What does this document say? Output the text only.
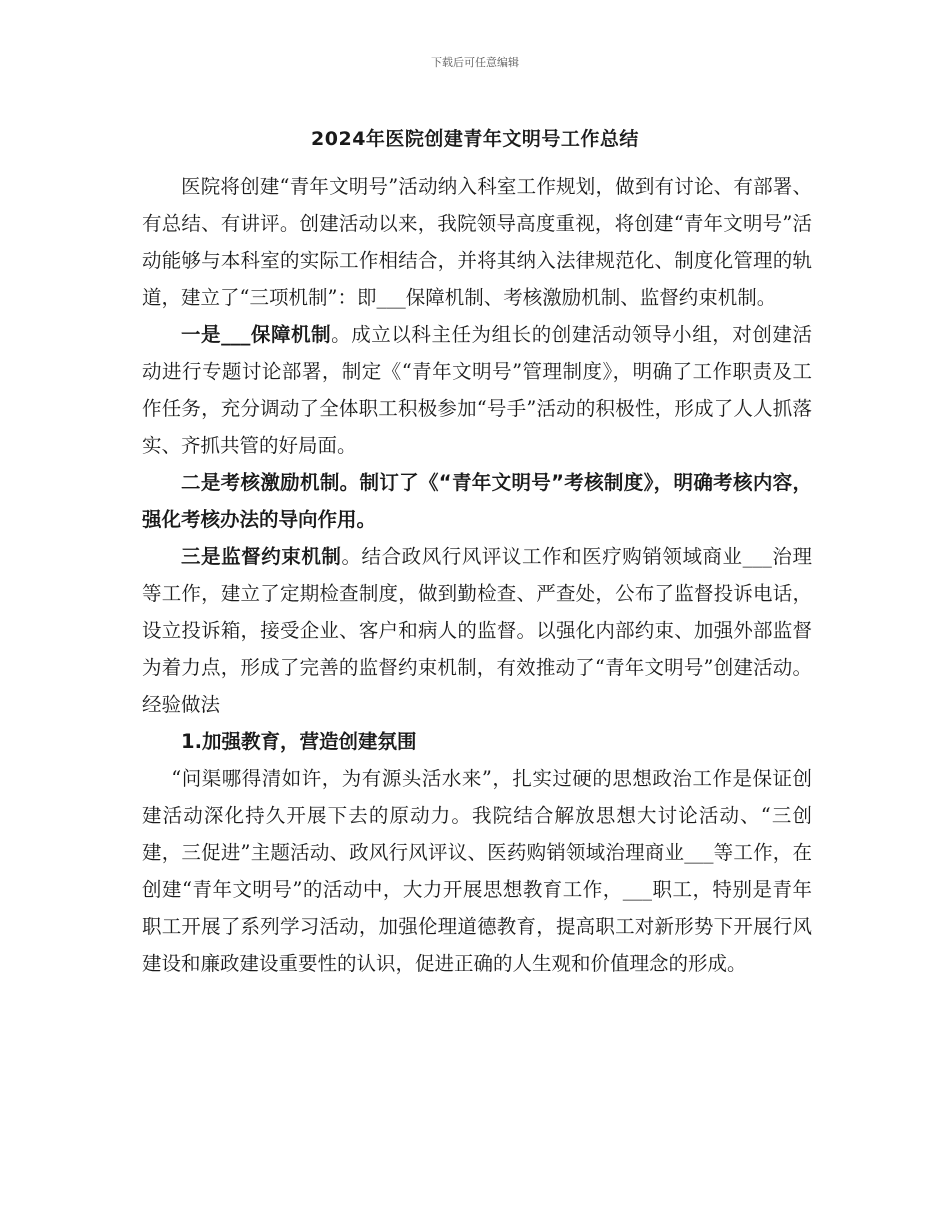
下载后可任意编辑
2024年医院创建青年文明号工作总结

医院将创建“青年文明号”活动纳入科室工作规划，做到有讨论、有部署、有总结、有讲评。创建活动以来，我院领导高度重视，将创建“青年文明号”活动能够与本科室的实际工作相结合，并将其纳入法律规范化、制度化管理的轨道，建立了“三项机制”：即___保障机制、考核激励机制、监督约束机制。

一是___保障机制。成立以科主任为组长的创建活动领导小组，对创建活动进行专题讨论部署，制定《“青年文明号”管理制度》，明确了工作职责及工作任务，充分调动了全体职工积极参加“号手”活动的积极性，形成了人人抓落实、齐抓共管的好局面。

二是考核激励机制。制订了《“青年文明号”考核制度》，明确考核内容，强化考核办法的导向作用。

三是监督约束机制。结合政风行风评议工作和医疗购销领域商业___治理等工作，建立了定期检查制度，做到勤检查、严查处，公布了监督投诉电话，设立投诉箱，接受企业、客户和病人的监督。以强化内部约束、加强外部监督为着力点，形成了完善的监督约束机制，有效推动了“青年文明号”创建活动。经验做法

1.加强教育，营造创建氛围

“问渠哪得清如许，为有源头活水来”，扎实过硬的思想政治工作是保证创建活动深化持久开展下去的原动力。我院结合解放思想大讨论活动、“三创建，三促进”主题活动、政风行风评议、医药购销领域治理商业___等工作，在创建“青年文明号”的活动中，大力开展思想教育工作，___职工，特别是青年职工开展了系列学习活动，加强伦理道德教育，提高职工对新形势下开展行风建设和廉政建设重要性的认识，促进正确的人生观和价值理念的形成。
